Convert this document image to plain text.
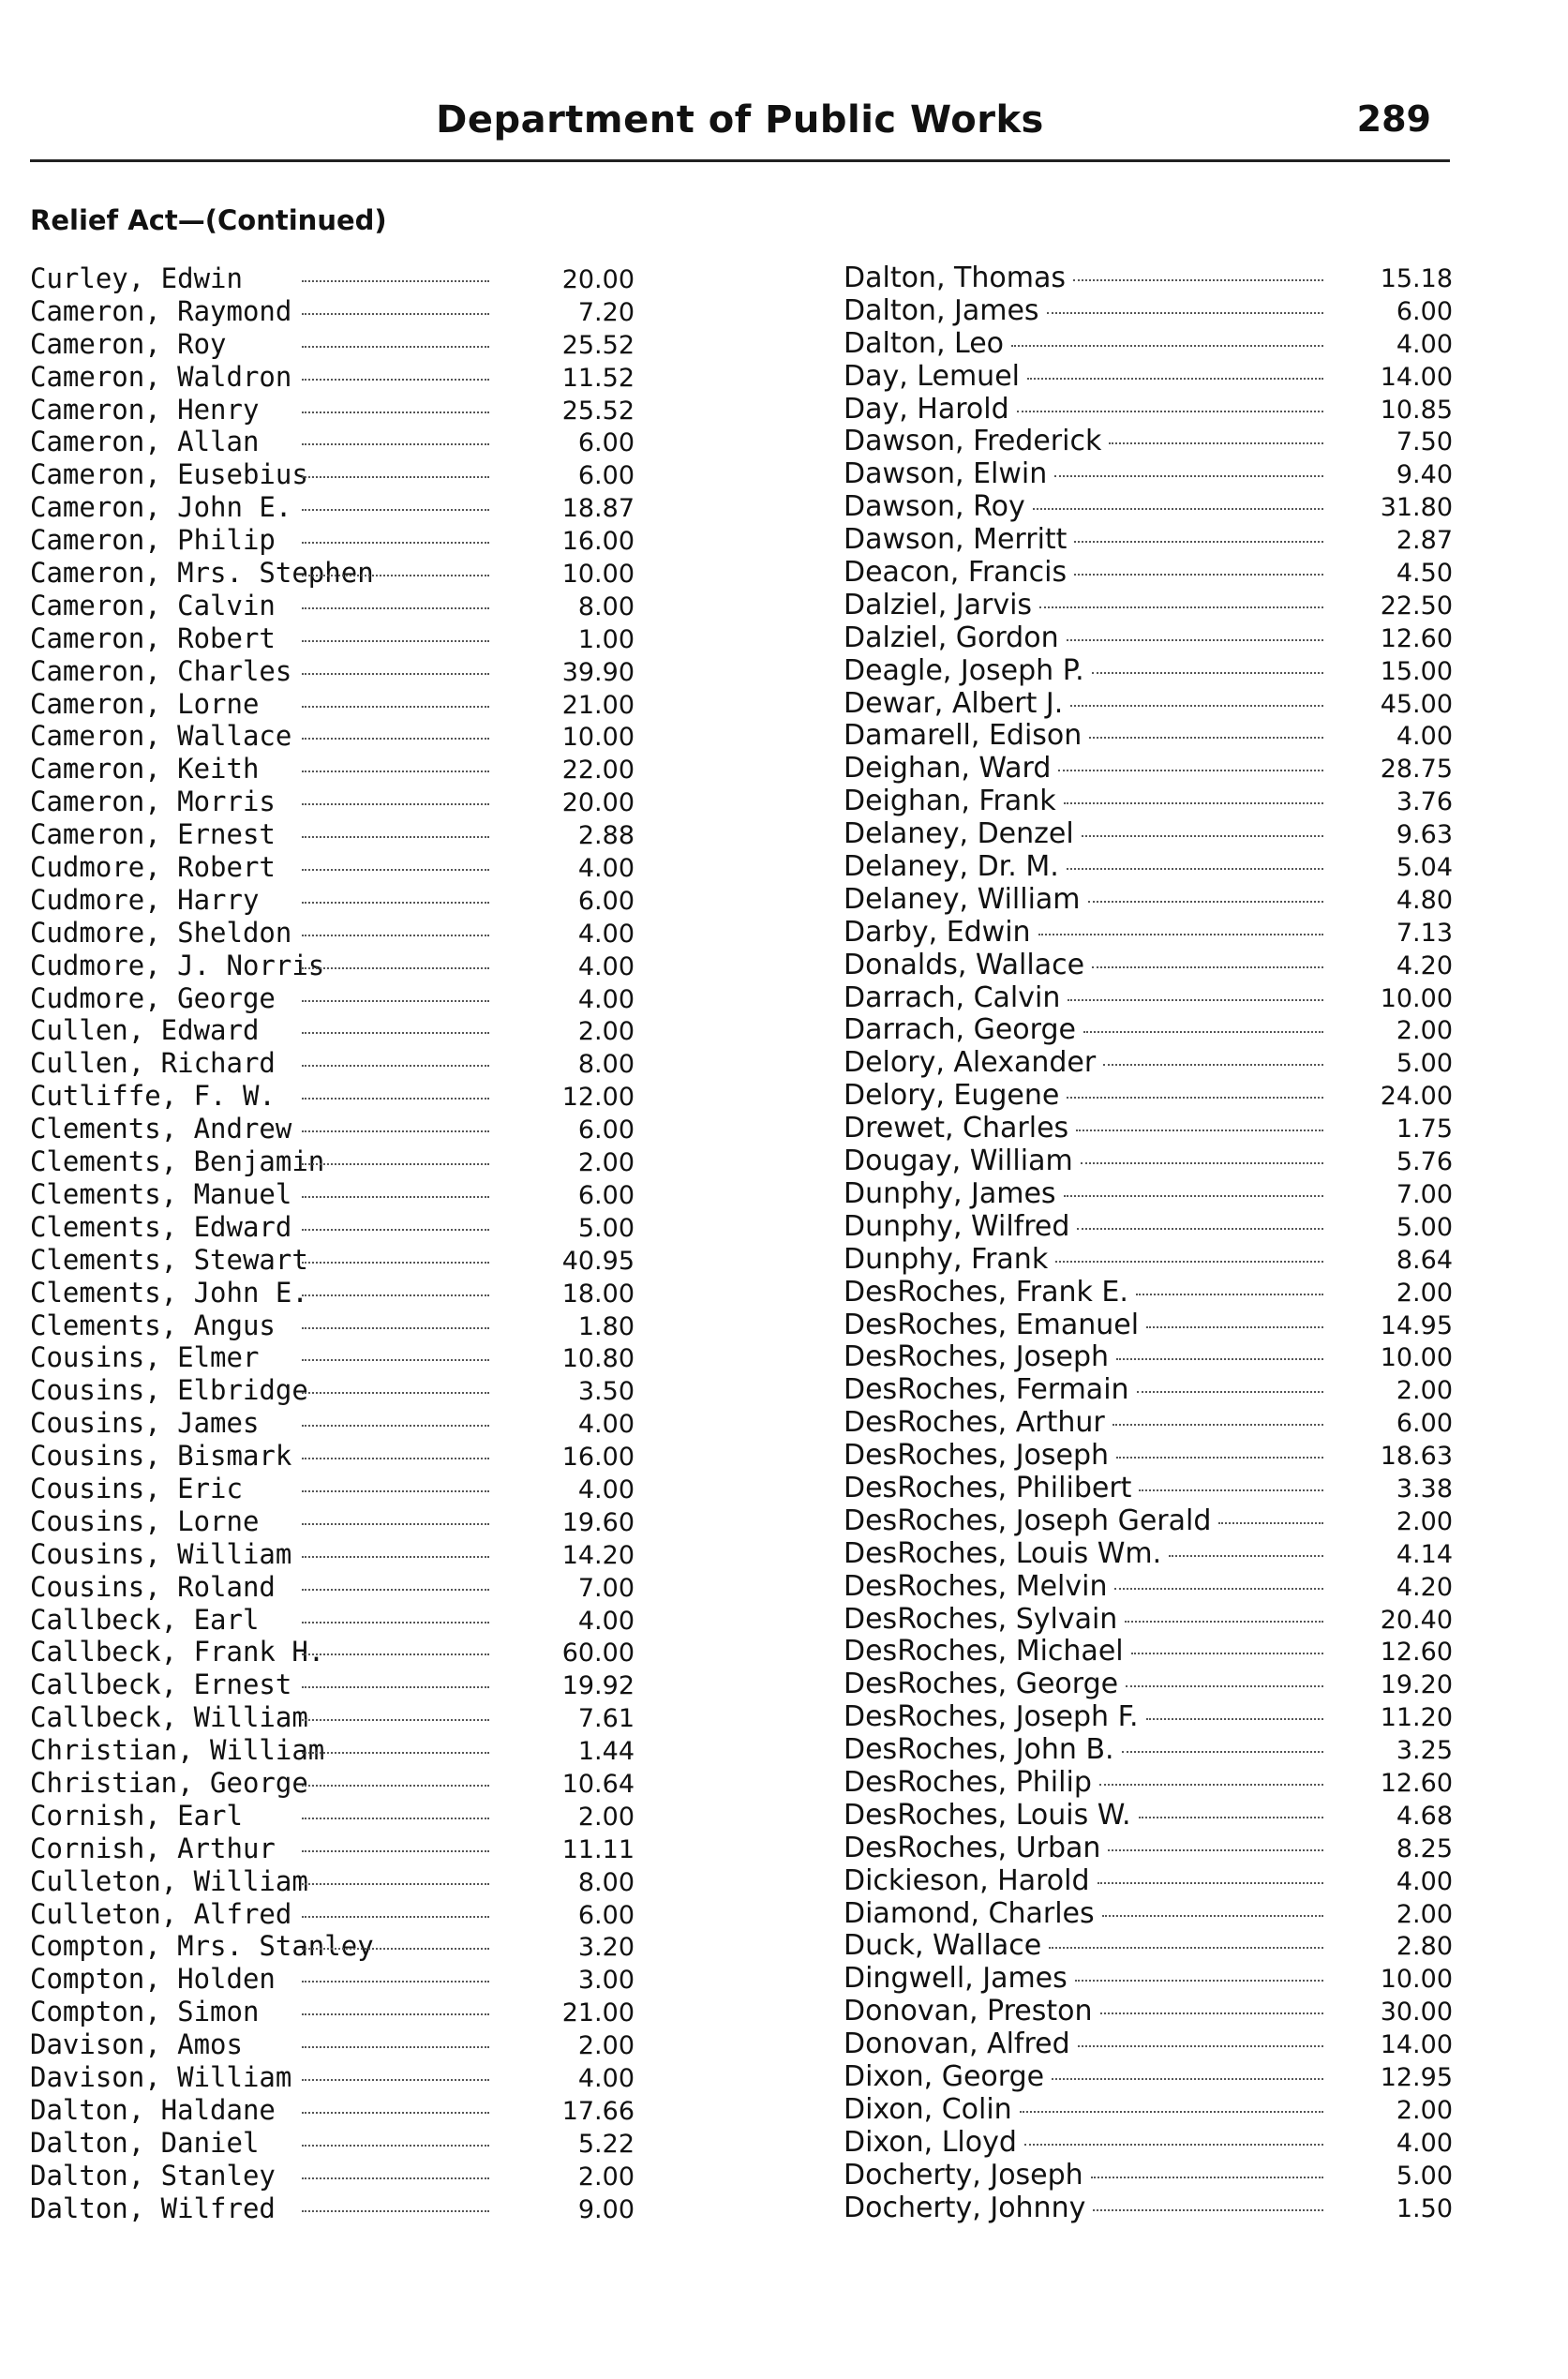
Department of Public Works	289
Relief Act—(Continued)
Curley, Edwin	20.00
Cameron, Raymond	7.20
Cameron, Roy	25.52
Cameron, Waldron	11.52
Cameron, Henry	25.52
Cameron, Allan	6.00
Cameron, Eusebius	6.00
Cameron, John E.	18.87
Cameron, Philip	16.00
Cameron, Mrs. Stephen	10.00
Cameron, Calvin	8.00
Cameron, Robert	1.00
Cameron, Charles	39.90
Cameron, Lorne	21.00
Cameron, Wallace	10.00
Cameron, Keith	22.00
Cameron, Morris	20.00
Cameron, Ernest	2.88
Cudmore, Robert	4.00
Cudmore, Harry	6.00
Cudmore, Sheldon	4.00
Cudmore, J. Norris	4.00
Cudmore, George	4.00
Cullen, Edward	2.00
Cullen, Richard	8.00
Cutliffe, F. W.	12.00
Clements, Andrew	6.00
Clements, Benjamin	2.00
Clements, Manuel	6.00
Clements, Edward	5.00
Clements, Stewart	40.95
Clements, John E.	18.00
Clements, Angus	1.80
Cousins, Elmer	10.80
Cousins, Elbridge	3.50
Cousins, James	4.00
Cousins, Bismark	16.00
Cousins, Eric	4.00
Cousins, Lorne	19.60
Cousins, William	14.20
Cousins, Roland	7.00
Callbeck, Earl	4.00
Callbeck, Frank H.	60.00
Callbeck, Ernest	19.92
Callbeck, William	7.61
Christian, William	1.44
Christian, George	10.64
Cornish, Earl	2.00
Cornish, Arthur	11.11
Culleton, William	8.00
Culleton, Alfred	6.00
Compton, Mrs. Stanley	3.20
Compton, Holden	3.00
Compton, Simon	21.00
Davison, Amos	2.00
Davison, William	4.00
Dalton, Haldane	17.66
Dalton, Daniel	5.22
Dalton, Stanley	2.00
Dalton, Wilfred	9.00
Dalton, Thomas	15.18
Dalton, James	6.00
Dalton, Leo	4.00
Day, Lemuel	14.00
Day, Harold	10.85
Dawson, Frederick	7.50
Dawson, Elwin	9.40
Dawson, Roy	31.80
Dawson, Merritt	2.87
Deacon, Francis	4.50
Dalziel, Jarvis	22.50
Dalziel, Gordon	12.60
Deagle, Joseph P.	15.00
Dewar, Albert J.	45.00
Damarell, Edison	4.00
Deighan, Ward	28.75
Deighan, Frank	3.76
Delaney, Denzel	9.63
Delaney, Dr. M.	5.04
Delaney, William	4.80
Darby, Edwin	7.13
Donalds, Wallace	4.20
Darrach, Calvin	10.00
Darrach, George	2.00
Delory, Alexander	5.00
Delory, Eugene	24.00
Drewet, Charles	1.75
Dougay, William	5.76
Dunphy, James	7.00
Dunphy, Wilfred	5.00
Dunphy, Frank	8.64
DesRoches, Frank E.	2.00
DesRoches, Emanuel	14.95
DesRoches, Joseph	10.00
DesRoches, Fermain	2.00
DesRoches, Arthur	6.00
DesRoches, Joseph	18.63
DesRoches, Philibert	3.38
DesRoches, Joseph Gerald	2.00
DesRoches, Louis Wm.	4.14
DesRoches, Melvin	4.20
DesRoches, Sylvain	20.40
DesRoches, Michael	12.60
DesRoches, George	19.20
DesRoches, Joseph F.	11.20
DesRoches, John B.	3.25
DesRoches, Philip	12.60
DesRoches, Louis W.	4.68
DesRoches, Urban	8.25
Dickieson, Harold	4.00
Diamond, Charles	2.00
Duck, Wallace	2.80
Dingwell, James	10.00
Donovan, Preston	30.00
Donovan, Alfred	14.00
Dixon, George	12.95
Dixon, Colin	2.00
Dixon, Lloyd	4.00
Docherty, Joseph	5.00
Docherty, Johnny	1.50
